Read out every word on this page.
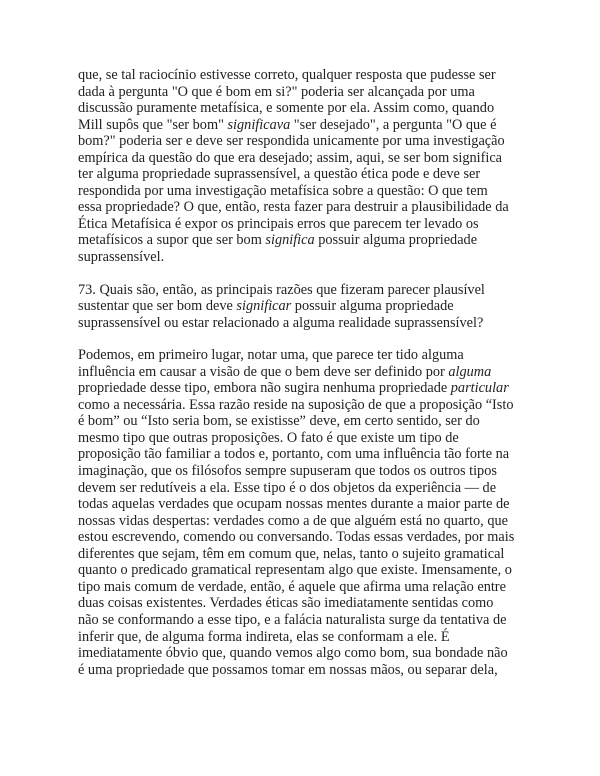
que, se tal raciocínio estivesse correto, qualquer resposta que pudesse ser
dada à pergunta "O que é bom em si?" poderia ser alcançada por uma
discussão puramente metafísica, e somente por ela. Assim como, quando
Mill supôs que "ser bom" significava "ser desejado", a pergunta "O que é
bom?" poderia ser e deve ser respondida unicamente por uma investigação
empírica da questão do que era desejado; assim, aqui, se ser bom significa
ter alguma propriedade suprassensível, a questão ética pode e deve ser
respondida por uma investigação metafísica sobre a questão: O que tem
essa propriedade? O que, então, resta fazer para destruir a plausibilidade da
Ética Metafísica é expor os principais erros que parecem ter levado os
metafísicos a supor que ser bom significa possuir alguma propriedade
suprassensível.

73. Quais são, então, as principais razões que fizeram parecer plausível
sustentar que ser bom deve significar possuir alguma propriedade
suprassensível ou estar relacionado a alguma realidade suprassensível?

Podemos, em primeiro lugar, notar uma, que parece ter tido alguma
influência em causar a visão de que o bem deve ser definido por alguma
propriedade desse tipo, embora não sugira nenhuma propriedade particular
como a necessária. Essa razão reside na suposição de que a proposição “Isto
é bom” ou “Isto seria bom, se existisse” deve, em certo sentido, ser do
mesmo tipo que outras proposições. O fato é que existe um tipo de
proposição tão familiar a todos e, portanto, com uma influência tão forte na
imaginação, que os filósofos sempre supuseram que todos os outros tipos
devem ser redutíveis a ela. Esse tipo é o dos objetos da experiência — de
todas aquelas verdades que ocupam nossas mentes durante a maior parte de
nossas vidas despertas: verdades como a de que alguém está no quarto, que
estou escrevendo, comendo ou conversando. Todas essas verdades, por mais
diferentes que sejam, têm em comum que, nelas, tanto o sujeito gramatical
quanto o predicado gramatical representam algo que existe. Imensamente, o
tipo mais comum de verdade, então, é aquele que afirma uma relação entre
duas coisas existentes. Verdades éticas são imediatamente sentidas como
não se conformando a esse tipo, e a falácia naturalista surge da tentativa de
inferir que, de alguma forma indireta, elas se conformam a ele. É
imediatamente óbvio que, quando vemos algo como bom, sua bondade não
é uma propriedade que possamos tomar em nossas mãos, ou separar dela,
